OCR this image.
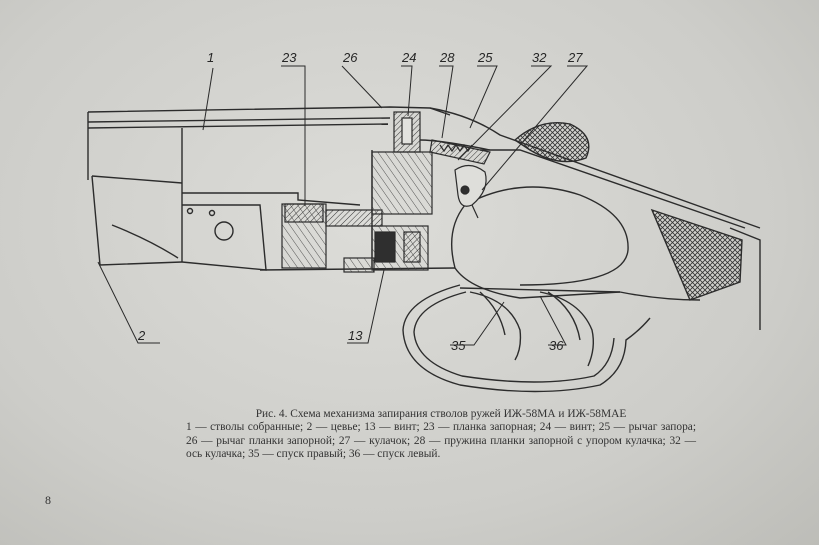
1	23	26	24 28 25	32 27
2	13
35	36
Рис. 4. Схема механизма запирания стволов ружей ИЖ-58МА и ИЖ-58МАЕ
1 — стволы собранные; 2 — цевье; 13 — винт; 23 — планка запорная; 24 — винт; 25 — рычаг запора; 26 — рычаг планки запорной; 27 — кулачок; 28 — пружина планки запорной с упором кулачка; 32 — ось кулачка; 35 — спуск правый; 36 — спуск левый.
8
